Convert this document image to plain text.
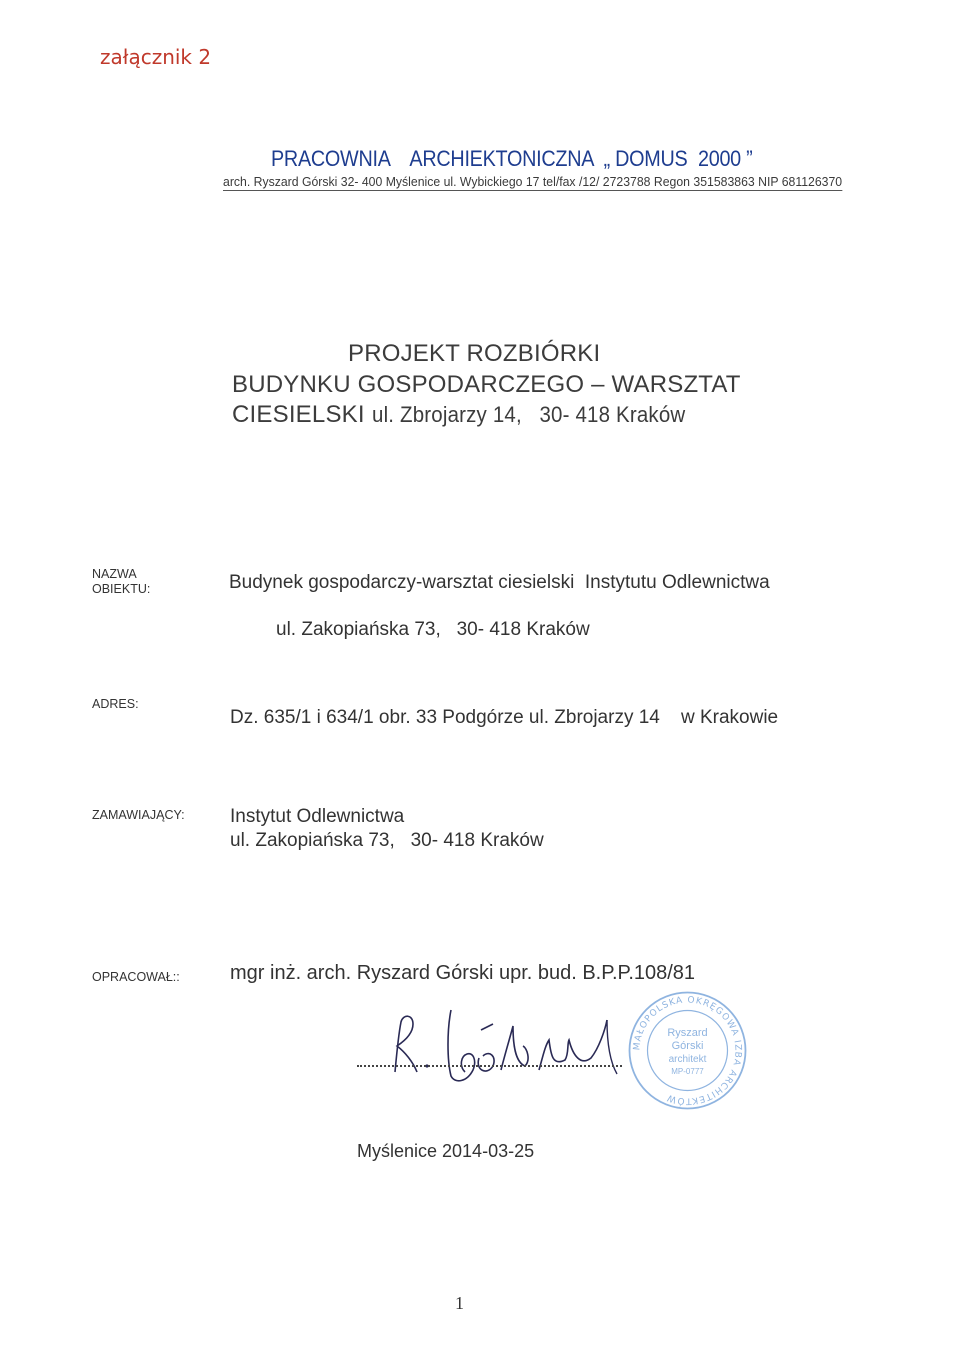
załącznik 2
PRACOWNIA    ARCHIEKTONICZNA  „ DOMUS  2000 ”
arch. Ryszard Górski 32- 400 Myślenice ul. Wybickiego 17 tel/fax /12/ 2723788 Regon 351583863 NIP 681126370
PROJEKT ROZBIÓRKI
BUDYNKU GOSPODARCZEGO – WARSZTAT
CIESIELSKI ul. Zbrojarzy 14,   30- 418 Kraków
NAZWA
OBIEKTU:	Budynek gospodarczy-warsztat ciesielski  Instytutu Odlewnictwa
ul. Zakopiańska 73,   30- 418 Kraków
ADRES:
Dz. 635/1 i 634/1 obr. 33 Podgórze ul. Zbrojarzy 14    w Krakowie
ZAMAWIAJĄCY: Instytut Odlewnictwa
ul. Zakopiańska 73,   30- 418 Kraków
OPRACOWAŁ::	mgr inż. arch. Ryszard Górski upr. bud. B.P.P.108/81
MAŁOPOLSKA OKRĘGOWA IZBA ARCHITEKTÓW
Ryszard
Górski
architekt
MP-0777
Myślenice 2014-03-25
1
